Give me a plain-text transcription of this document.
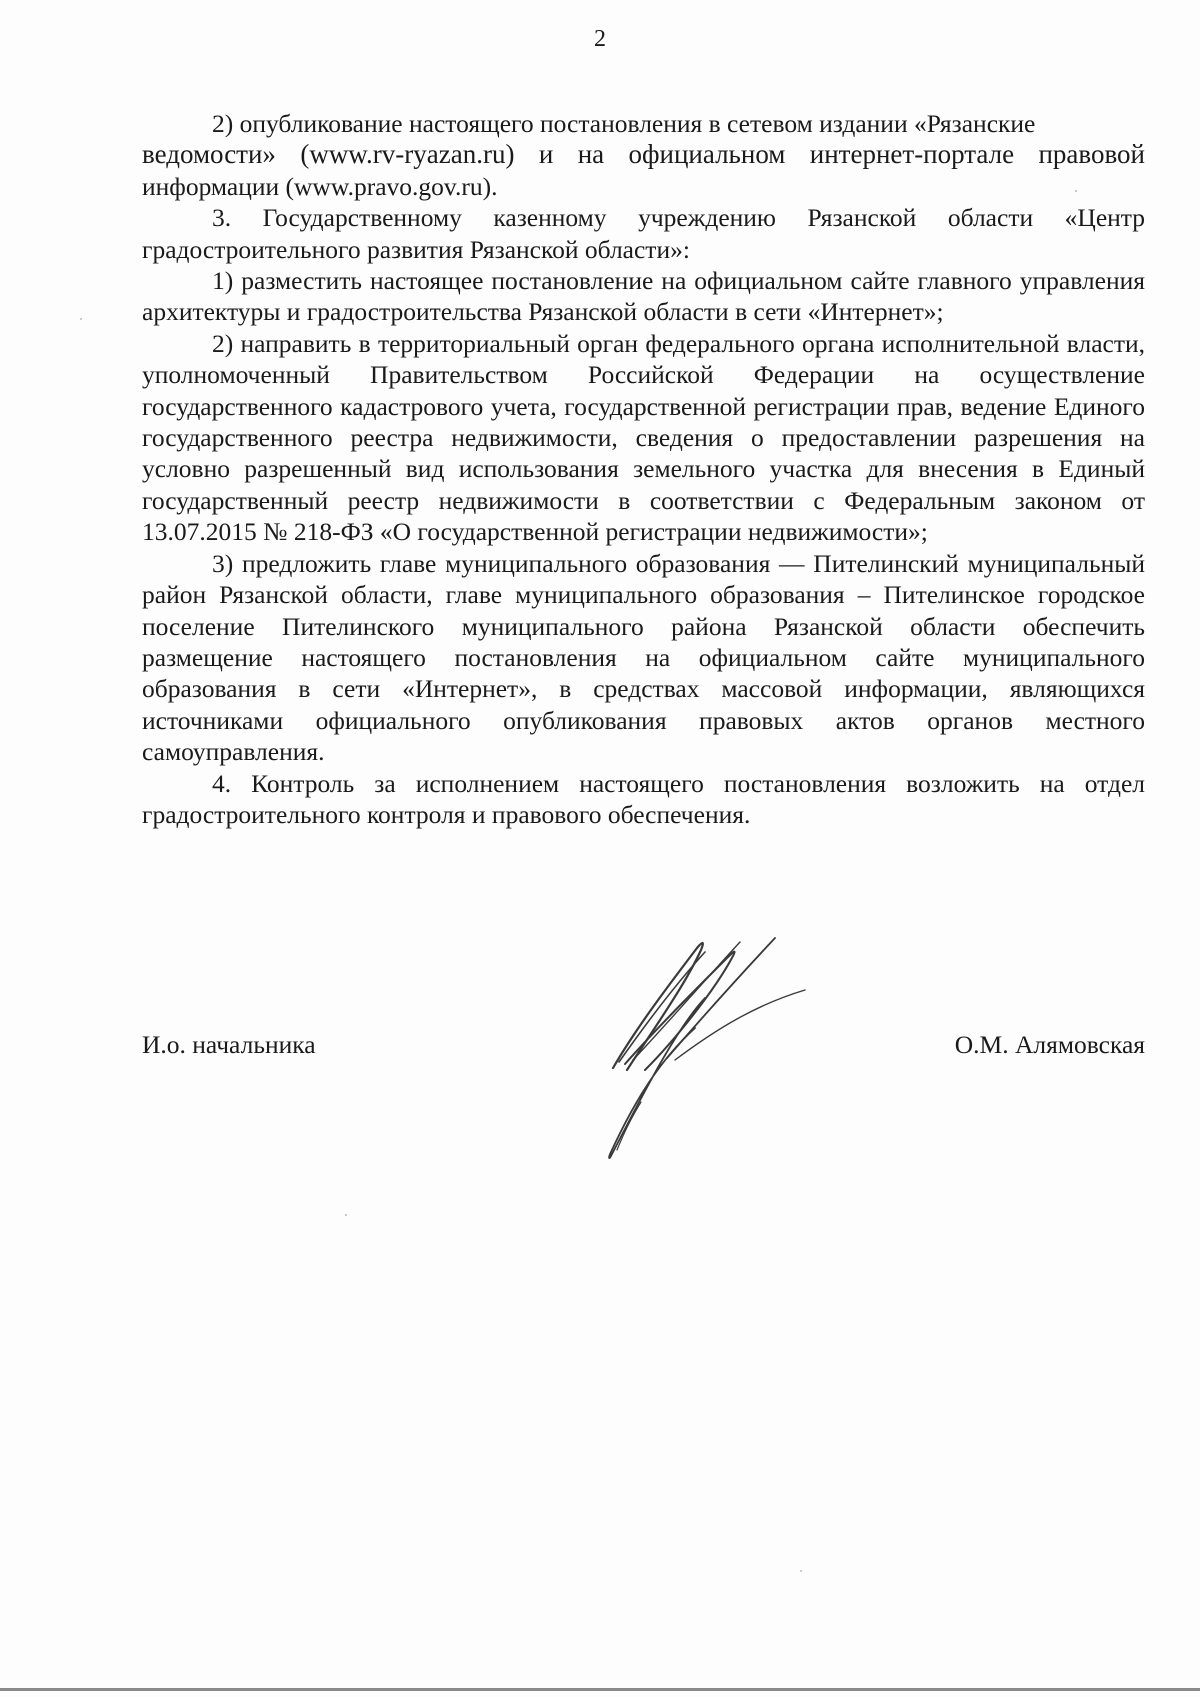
2

2) опубликование настоящего постановления в сетевом издании «Рязанские

ведомости» (www.rv-ryazan.ru) и на официальном интернет-портале правовой

информации (www.pravo.gov.ru).

3. Государственному казенному учреждению Рязанской области «Центр градостроительного развития Рязанской области»:

1) разместить настоящее постановление на официальном сайте главного управления архитектуры и градостроительства Рязанской области в сети «Интернет»;

2) направить в территориальный орган федерального органа исполнительной власти, уполномоченный Правительством Российской Федерации на осуществление государственного кадастрового учета, государственной регистрации прав, ведение Единого государственного реестра недвижимости, сведения о предоставлении разрешения на условно разрешенный вид использования земельного участка для внесения в Единый государственный реестр недвижимости в соответствии с Федеральным законом от 13.07.2015 № 218-ФЗ «О государственной регистрации недвижимости»;

3) предложить главе муниципального образования — Пителинский муниципальный район Рязанской области, главе муниципального образования – Пителинское городское поселение Пителинского муниципального района Рязанской области обеспечить размещение настоящего постановления на официальном сайте муниципального образования в сети «Интернет», в средствах массовой информации, являющихся источниками официального опубликования правовых актов органов местного самоуправления.

4. Контроль за исполнением настоящего постановления возложить на отдел градостроительного контроля и правового обеспечения.

И.о. начальника	О.М. Алямовская
